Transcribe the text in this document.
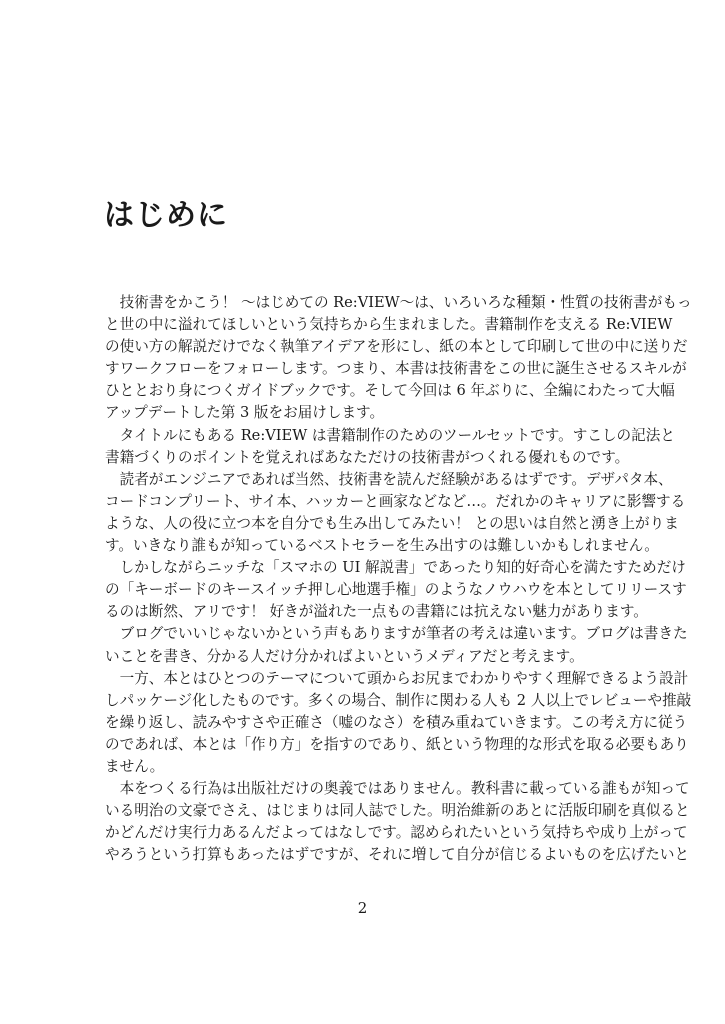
はじめに
技術書をかこう！ ～はじめての Re:VIEW～は、いろいろな種類・性質の技術書がもっ
と世の中に溢れてほしいという気持ちから生まれました。書籍制作を支える Re:VIEW
の使い方の解説だけでなく執筆アイデアを形にし、紙の本として印刷して世の中に送りだ
すワークフローをフォローします。つまり、本書は技術書をこの世に誕生させるスキルが
ひととおり身につくガイドブックです。そして今回は 6 年ぶりに、全編にわたって大幅
アップデートした第 3 版をお届けします。
タイトルにもある Re:VIEW は書籍制作のためのツールセットです。すこしの記法と
書籍づくりのポイントを覚えればあなただけの技術書がつくれる優れものです。
読者がエンジニアであれば当然、技術書を読んだ経験があるはずです。デザパタ本、
コードコンプリート、サイ本、ハッカーと画家などなど…。だれかのキャリアに影響する
ような、人の役に立つ本を自分でも生み出してみたい！ との思いは自然と湧き上がりま
す。いきなり誰もが知っているベストセラーを生み出すのは難しいかもしれません。
しかしながらニッチな「スマホの UI 解説書」であったり知的好奇心を満たすためだけ
の「キーボードのキースイッチ押し心地選手権」のようなノウハウを本としてリリースす
るのは断然、アリです！ 好きが溢れた一点もの書籍には抗えない魅力があります。
ブログでいいじゃないかという声もありますが筆者の考えは違います。ブログは書きた
いことを書き、分かる人だけ分かればよいというメディアだと考えます。
一方、本とはひとつのテーマについて頭からお尻までわかりやすく理解できるよう設計
しパッケージ化したものです。多くの場合、制作に関わる人も 2 人以上でレビューや推敲
を繰り返し、読みやすさや正確さ（嘘のなさ）を積み重ねていきます。この考え方に従う
のであれば、本とは「作り方」を指すのであり、紙という物理的な形式を取る必要もあり
ません。
本をつくる行為は出版社だけの奥義ではありません。教科書に載っている誰もが知って
いる明治の文豪でさえ、はじまりは同人誌でした。明治維新のあとに活版印刷を真似ると
かどんだけ実行力あるんだよってはなしです。認められたいという気持ちや成り上がって
やろうという打算もあったはずですが、それに増して自分が信じるよいものを広げたいと
2
